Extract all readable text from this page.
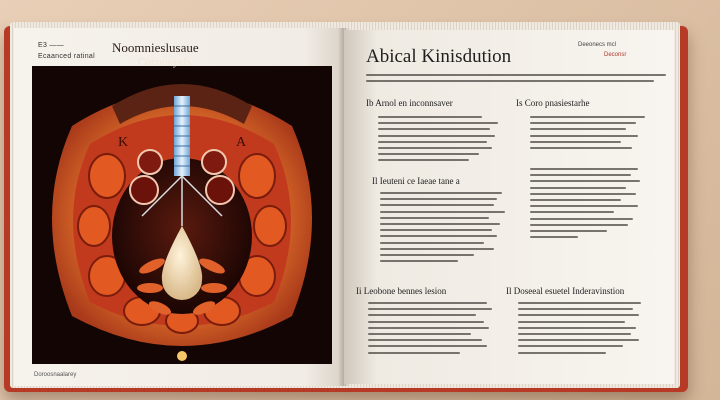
E3 ——
Ecaanced ratinal
K	A
Noomnieslusaue
Connonyels
Doroosnaalarey
Abical Kinisdution
Deeonecs mcl
Deconsr
Ib Arnol en inconnsaver	Is Coro pnasiestarhe
Il Ieuteni ce Iaeae tane a
Ii Leobone bennes lesion	Il Doseeal esuetel Inderavinstion
